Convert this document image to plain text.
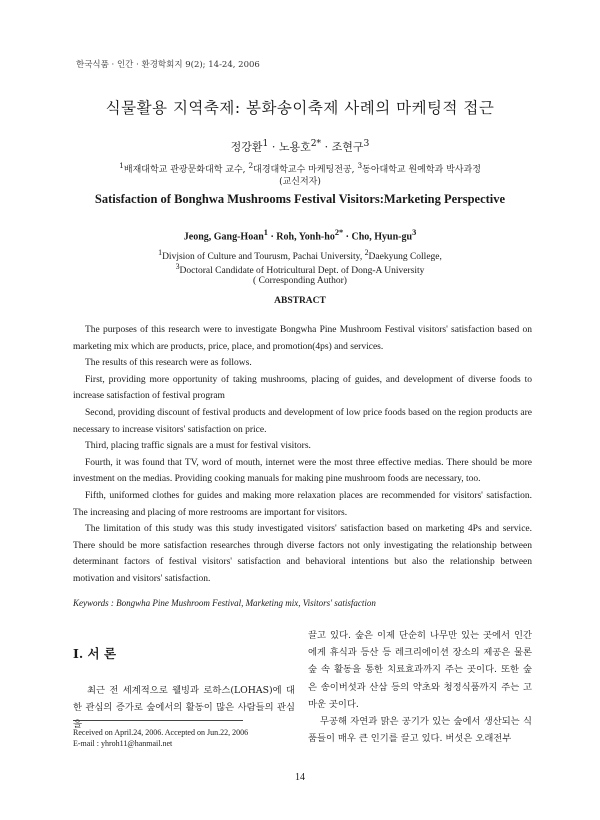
한국식품 · 인간 · 환경학회지 9(2); 14-24, 2006
식물활용 지역축제: 봉화송이축제 사례의 마케팅적 접근
정강환$^1$ · 노용호$^{2*}$ · 조현구$^3$
$^1$배재대학교 관광문화대학 교수, $^2$대경대학교수 마케팅전공, $^3$동아대학교 원예학과 박사과정
(교신저자)
Satisfaction of Bonghwa Mushrooms Festival Visitors:Marketing Perspective
Jeong, Gang-Hoan$^1$ · Roh, Yonh-$ho^{2*}$ · Cho, Hyun-$gu^3$
$^1$Divjsion of Culture and Tourusm, Pachai University, $^2$Daekyung College,
$^3$Doctoral Candidate of Hotricultural Dept. of Dong-A University
( Corresponding Author)
ABSTRACT

The purposes of this research were to investigate Bongwha Pine Mushroom Festival visitors' satisfaction based on marketing mix which are products, price, place, and promotion(4ps) and services.

The results of this research were as follows.

First, providing more opportunity of taking mushrooms, placing of guides, and development of diverse foods to increase satisfaction of festival program

Second, providing discount of festival products and development of low price foods based on the region products are necessary to increase visitors' satisfaction on price.

Third, placing traffic signals are a must for festival visitors.

Fourth, it was found that TV, word of mouth, internet were the most three effective medias. There should be more investment on the medias. Providing cooking manuals for making pine mushroom foods are necessary, too.

Fifth, uniformed clothes for guides and making more relaxation places are recommended for visitors' satisfaction. The increasing and placing of more restrooms are important for visitors.

The limitation of this study was this study investigated visitors' satisfaction based on marketing 4Ps and service. There should be more satisfaction researches through diverse factors not only investigating the relationship between determinant factors of festival visitors' satisfaction and behavioral intentions but also the relationship between motivation and visitors' satisfaction.

Keywords : Bongwha Pine Mushroom Festival, Marketing mix, Visitors' satisfaction
I. 서 론

최근 전 세계적으로 웰빙과 로하스(LOHAS)에 대한 관심의 증가로 숲에서의 활동이 많은 사람들의 관심을

Received on April.24, 2006. Accepted on Jun.22, 2006
E-mail : yhroh11@hanmail.net

끌고 있다. 숲은 이제 단순히 나무만 있는 곳에서 인간에게 휴식과 등산 등 레크리에이션 장소의 제공은 물론 숲 속 활동을 통한 치료효과까지 주는 곳이다. 또한 숲은 송이버섯과 산삼 등의 약초와 청정식품까지 주는 고마운 곳이다.

무공해 자연과 맑은 공기가 있는 숲에서 생산되는 식품들이 매우 큰 인기를 끌고 있다. 버섯은 오래전부

14
